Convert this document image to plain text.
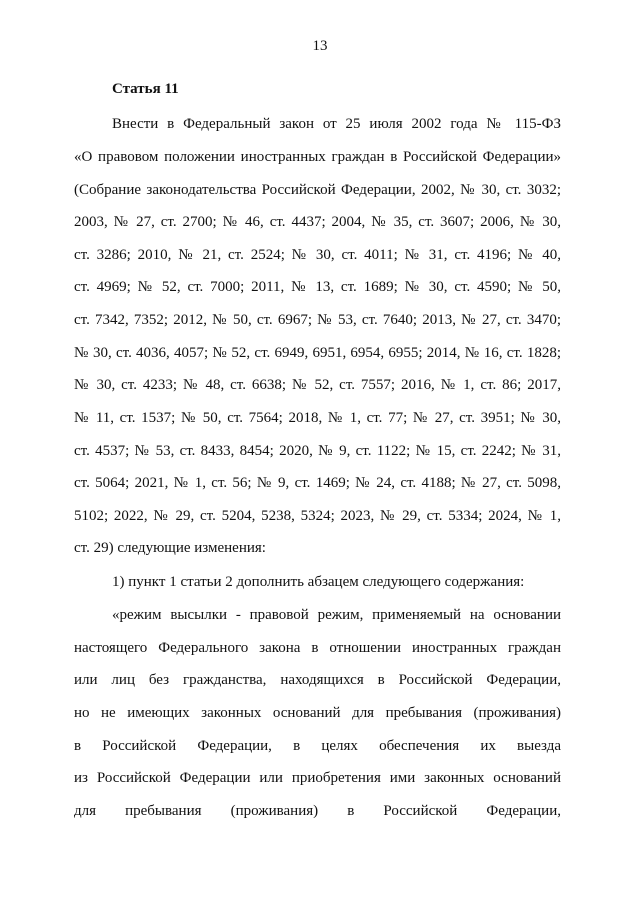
13
Статья 11
Внести в Федеральный закон от 25 июля 2002 года № 115-ФЗ
«О правовом положении иностранных граждан в Российской Федерации»
(Собрание законодательства Российской Федерации, 2002, № 30, ст. 3032;
2003, № 27, ст. 2700; № 46, ст. 4437; 2004, № 35, ст. 3607; 2006, № 30,
ст. 3286; 2010, № 21, ст. 2524; № 30, ст. 4011; № 31, ст. 4196; № 40,
ст. 4969; № 52, ст. 7000; 2011, № 13, ст. 1689; № 30, ст. 4590; № 50,
ст. 7342, 7352; 2012, № 50, ст. 6967; № 53, ст. 7640; 2013, № 27, ст. 3470;
№ 30, ст. 4036, 4057; № 52, ст. 6949, 6951, 6954, 6955; 2014, № 16, ст. 1828;
№ 30, ст. 4233; № 48, ст. 6638; № 52, ст. 7557; 2016, № 1, ст. 86; 2017,
№ 11, ст. 1537; № 50, ст. 7564; 2018, № 1, ст. 77; № 27, ст. 3951; № 30,
ст. 4537; № 53, ст. 8433, 8454; 2020, № 9, ст. 1122; № 15, ст. 2242; № 31,
ст. 5064; 2021, № 1, ст. 56; № 9, ст. 1469; № 24, ст. 4188; № 27, ст. 5098,
5102; 2022, № 29, ст. 5204, 5238, 5324; 2023, № 29, ст. 5334; 2024, № 1,
ст. 29) следующие изменения:
1) пункт 1 статьи 2 дополнить абзацем следующего содержания:
«режим высылки - правовой режим, применяемый на основании
настоящего Федерального закона в отношении иностранных граждан
или лиц без гражданства, находящихся в Российской Федерации,
но не имеющих законных оснований для пребывания (проживания)
в Российской Федерации, в целях обеспечения их выезда
из Российской Федерации или приобретения ими законных оснований
для пребывания (проживания) в Российской Федерации,
